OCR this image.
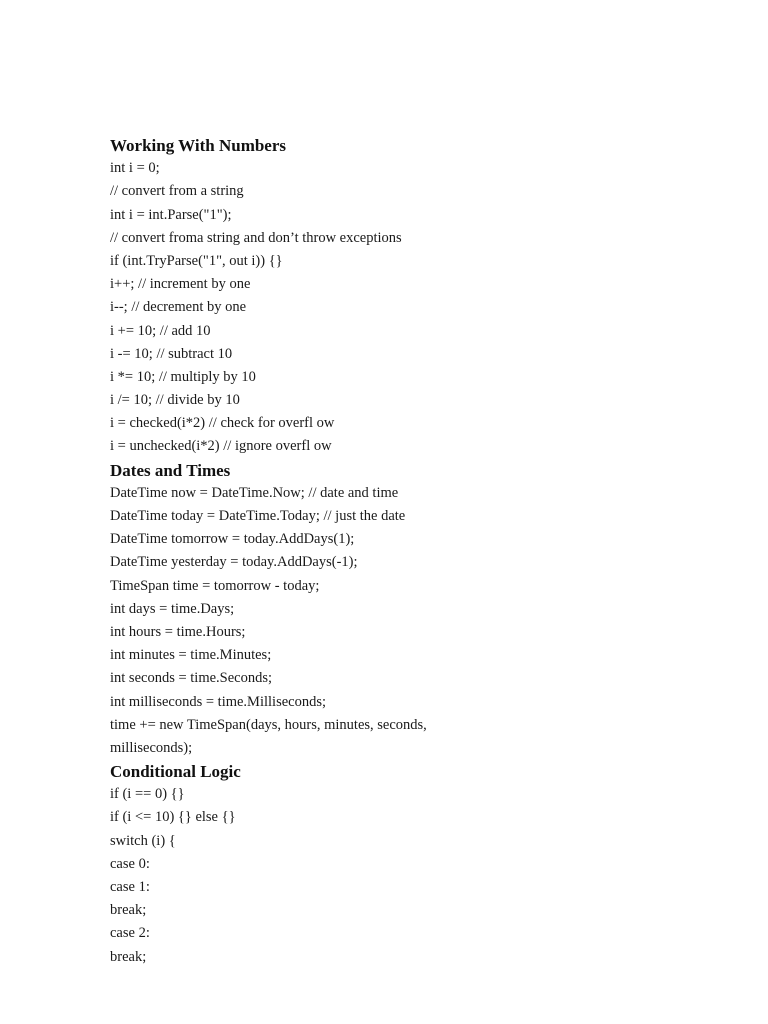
Working With Numbers
int i = 0;
// convert from a string
int i = int.Parse("1");
// convert froma string and don’t throw exceptions
if (int.TryParse("1", out i)) {}
i++; // increment by one
i--; // decrement by one
i += 10; // add 10
i -= 10; // subtract 10
i *= 10; // multiply by 10
i /= 10; // divide by 10
i = checked(i*2) // check for overfl ow
i = unchecked(i*2) // ignore overfl ow
Dates and Times
DateTime now = DateTime.Now; // date and time
DateTime today = DateTime.Today; // just the date
DateTime tomorrow = today.AddDays(1);
DateTime yesterday = today.AddDays(-1);
TimeSpan time = tomorrow - today;
int days = time.Days;
int hours = time.Hours;
int minutes = time.Minutes;
int seconds = time.Seconds;
int milliseconds = time.Milliseconds;
time += new TimeSpan(days, hours, minutes, seconds,
milliseconds);
Conditional Logic
if (i == 0) {}
if (i <= 10) {} else {}
switch (i) {
case 0:
case 1:
break;
case 2:
break;
